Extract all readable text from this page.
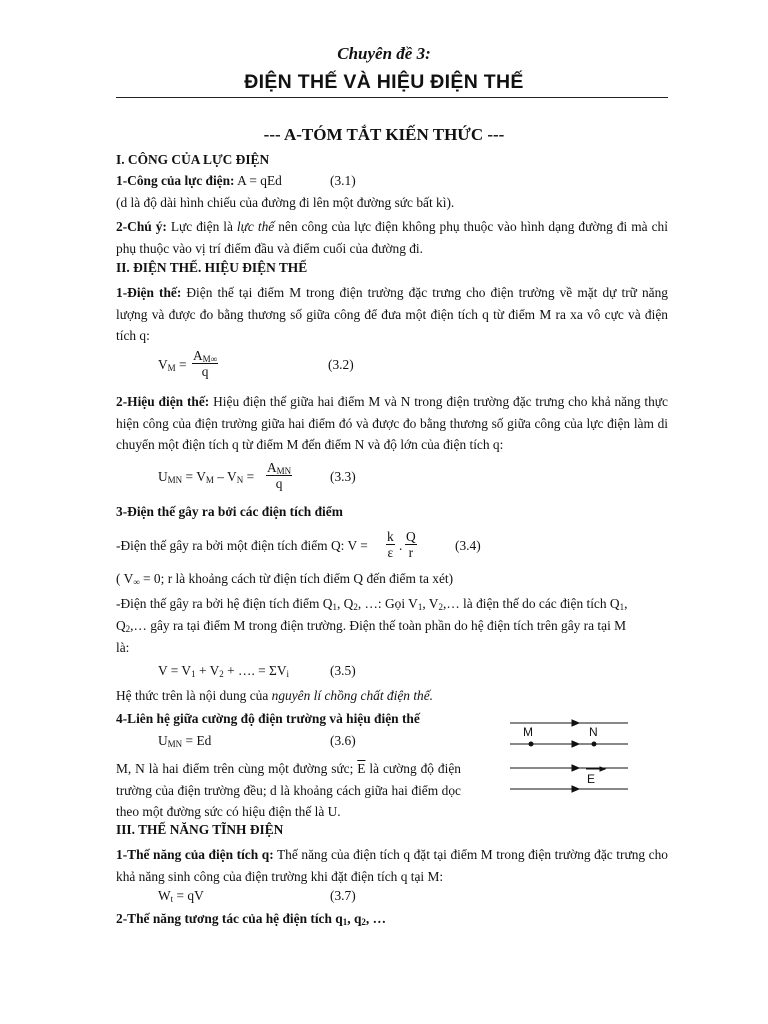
Chuyên đề 3:
ĐIỆN THẾ VÀ HIỆU ĐIỆN THẾ
--- A-TÓM TẮT KIẾN THỨC ---
I. CÔNG CỦA LỰC ĐIỆN
1-Công của lực điện: A = qEd	(3.1)
(d là độ dài hình chiếu của đường đi lên một đường sức bất kì).
2-Chú ý: Lực điện là lực thế nên công của lực điện không phụ thuộc vào hình dạng đường đi mà chỉ phụ thuộc vào vị trí điểm đầu và điểm cuối của đường đi.
II. ĐIỆN THẾ. HIỆU ĐIỆN THẾ
1-Điện thế: Điện thế tại điểm M trong điện trường đặc trưng cho điện trường về mặt dự trữ năng lượng và được đo bằng thương số giữa công để đưa một điện tích q từ điểm M ra xa vô cực và điện tích q:
$V_M = \frac{A_{M\infty}}{q}$	(3.2)
2-Hiệu điện thế: Hiệu điện thế giữa hai điểm M và N trong điện trường đặc trưng cho khả năng thực hiện công của điện trường giữa hai điểm đó và được đo bằng thương số giữa công của lực điện làm di chuyển một điện tích q từ điểm M đến điểm N và độ lớn của điện tích q:
$U_{MN} = V_M - V_N$ =
$A_{MN}$
q	(3.3)
3-Điện thế gây ra bởi các điện tích điểm
-Điện thế gây ra bởi một điện tích điểm Q: $V = \frac{k}{\varepsilon}$ . $\frac{Q}{r}$	(3.4)
( $V_\infty = 0$; r là khoảng cách từ điện tích điểm Q đến điểm ta xét)
-Điện thế gây ra bởi hệ điện tích điểm $Q_1$, $Q_2$, …: Gọi $V_1$, $V_2,\dots$ là điện thế do các điện tích $Q_1$,
$Q_2,\dots$ gây ra tại điểm M trong điện trường. Điện thế toàn phần do hệ điện tích trên gây ra tại M
là:
$V = V_1 + V_2$ + …. = $\Sigma V_i$	(3.5)
Hệ thức trên là nội dung của nguyên lí chồng chất điện thế.
4-Liên hệ giữa cường độ điện trường và hiệu điện thế
$U_{MN} = Ed$	(3.6)
M, N là hai điểm trên cùng một đường sức; $\overline{E}$ là cường độ điện trường của điện trường đều; d là khoảng cách giữa hai điểm dọc theo một đường sức có hiệu điện thế là U.
M	N
E
III. THẾ NĂNG TĨNH ĐIỆN
1-Thế năng của điện tích q: Thế năng của điện tích q đặt tại điểm M trong điện trường đặc trưng cho khả năng sinh công của điện trường khi đặt điện tích q tại M:
$W_t$ = qV	(3.7)
2-Thế năng tương tác của hệ điện tích $q_1$, $q_2$, …
